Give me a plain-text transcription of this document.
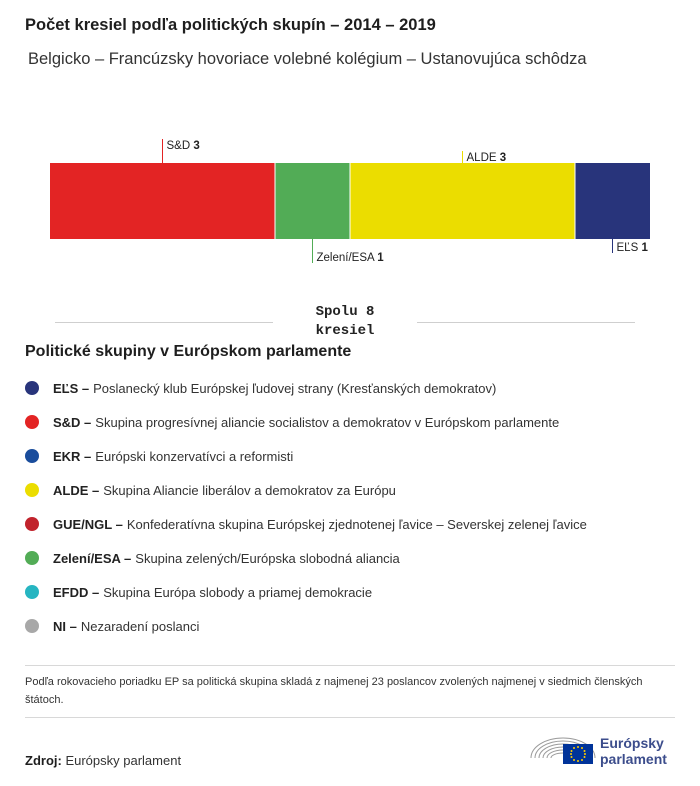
Počet kresiel podľa politických skupín – 2014 – 2019
Belgicko – Francúzsky hovoriace volebné kolégium – Ustanovujúca schôdza
S&D 3
Zelení/ESA 1
ALDE 3
EĽS 1
Spolu 8
kresiel
Politické skupiny v Európskom parlamente
EĽS – Poslanecký klub Európskej ľudovej strany (Kresťanských demokratov)
S&D – Skupina progresívnej aliancie socialistov a demokratov v Európskom parlamente
EKR – Európski konzervatívci a reformisti
ALDE – Skupina Aliancie liberálov a demokratov za Európu
GUE/NGL – Konfederatívna skupina Európskej zjednotenej ľavice – Severskej zelenej ľavice
Zelení/ESA – Skupina zelených/Európska slobodná aliancia
EFDD – Skupina Európa slobody a priamej demokracie
NI – Nezaradení poslanci
Podľa rokovacieho poriadku EP sa politická skupina skladá z najmenej 23 poslancov zvolených najmenej v siedmich členských štátoch.
Zdroj: Európsky parlament
Európsky
parlament
